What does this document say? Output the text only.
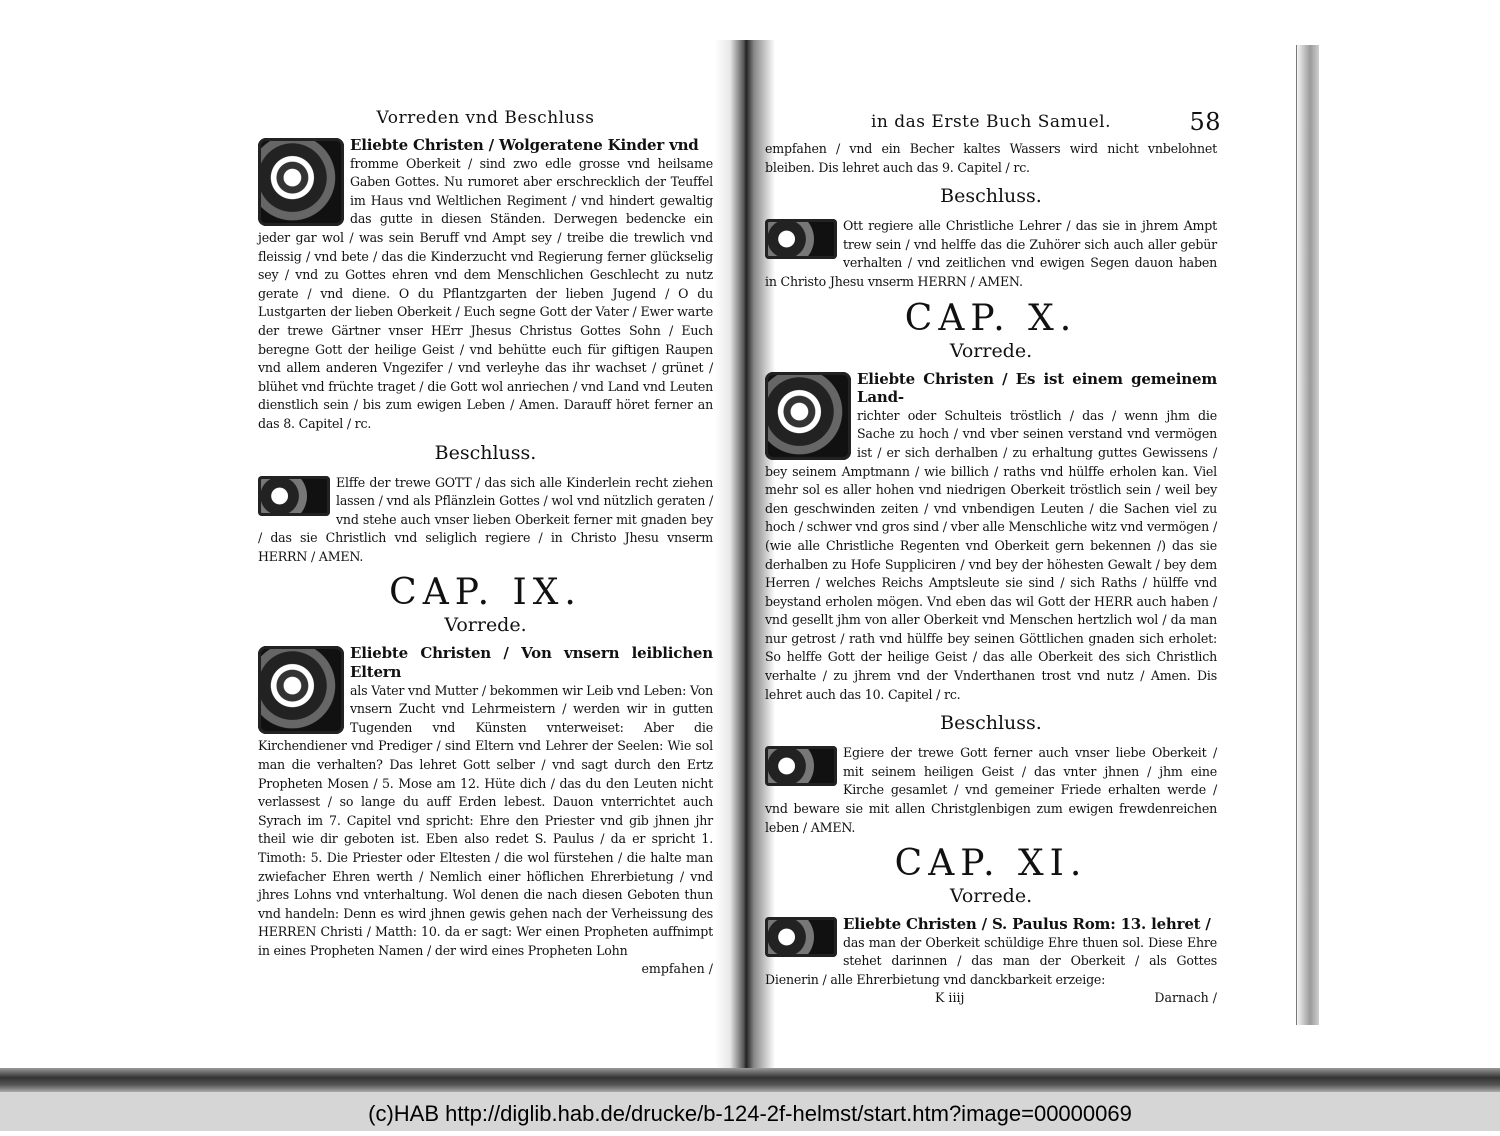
Vorreden vnd Beschluss

Eliebte Christen / Wolgeratene Kinder vnd

fromme Oberkeit / sind zwo edle grosse vnd heilsame Gaben Gottes. Nu rumoret aber erschrecklich der Teuffel im Haus vnd Weltlichen Regiment / vnd hindert gewaltig das gutte in diesen Ständen. Derwegen bedencke ein jeder gar wol / was sein Beruff vnd Ampt sey / treibe die trewlich vnd fleissig / vnd bete / das die Kinderzucht vnd Regierung ferner glückselig sey / vnd zu Gottes ehren vnd dem Menschlichen Geschlecht zu nutz gerate / vnd diene. O du Pflantzgarten der lieben Jugend / O du Lustgarten der lieben Oberkeit / Euch segne Gott der Vater / Ewer warte der trewe Gärtner vnser HErr Jhesus Christus Gottes Sohn / Euch beregne Gott der heilige Geist / vnd behütte euch für giftigen Raupen vnd allem anderen Vngezifer / vnd verleyhe das ihr wachset / grünet / blühet vnd früchte traget / die Gott wol anriechen / vnd Land vnd Leuten dienstlich sein / bis zum ewigen Leben / Amen. Darauff höret ferner an das 8. Capitel / rc.

Beschluss.

Elffe der trewe GOTT / das sich alle Kinderlein recht ziehen lassen / vnd als Pflänzlein Gottes / wol vnd nützlich geraten / vnd stehe auch vnser lieben Oberkeit ferner mit gnaden bey / das sie Christlich vnd seliglich regiere / in Christo Jhesu vnserm HERRN / AMEN.

CAP. IX.
Vorrede.

Eliebte Christen / Von vnsern leiblichen Eltern

als Vater vnd Mutter / bekommen wir Leib vnd Leben: Von vnsern Zucht vnd Lehrmeistern / werden wir in gutten Tugenden vnd Künsten vnterweiset: Aber die Kirchendiener vnd Prediger / sind Eltern vnd Lehrer der Seelen: Wie sol man die verhalten? Das lehret Gott selber / vnd sagt durch den Ertz Propheten Mosen / 5. Mose am 12. Hüte dich / das du den Leuten nicht verlassest / so lange du auff Erden lebest. Dauon vnterrichtet auch Syrach im 7. Capitel vnd spricht: Ehre den Priester vnd gib jhnen jhr theil wie dir geboten ist. Eben also redet S. Paulus / da er spricht 1. Timoth: 5. Die Priester oder Eltesten / die wol fürstehen / die halte man zwiefacher Ehren werth / Nemlich einer höflichen Ehrerbietung / vnd jhres Lohns vnd vnterhaltung. Wol denen die nach diesen Geboten thun vnd handeln: Denn es wird jhnen gewis gehen nach der Verheissung des HERREN Christi / Matth: 10. da er sagt: Wer einen Propheten auffnimpt in eines Propheten Namen / der wird eines Propheten Lohn

empfahen /
in das Erste Buch Samuel.	58

empfahen / vnd ein Becher kaltes Wassers wird nicht vnbelohnet bleiben. Dis lehret auch das 9. Capitel / rc.

Beschluss.

Ott regiere alle Christliche Lehrer / das sie in jhrem Ampt trew sein / vnd helffe das die Zuhörer sich auch aller gebür verhalten / vnd zeitlichen vnd ewigen Segen dauon haben in Christo Jhesu vnserm HERRN / AMEN.

CAP. X.
Vorrede.

Eliebte Christen / Es ist einem gemeinem Land-

richter oder Schulteis tröstlich / das / wenn jhm die Sache zu hoch / vnd vber seinen verstand vnd vermögen ist / er sich derhalben / zu erhaltung guttes Gewissens / bey seinem Amptmann / wie billich / raths vnd hülffe erholen kan. Viel mehr sol es aller hohen vnd niedrigen Oberkeit tröstlich sein / weil bey den geschwinden zeiten / vnd vnbendigen Leuten / die Sachen viel zu hoch / schwer vnd gros sind / vber alle Menschliche witz vnd vermögen / (wie alle Christliche Regenten vnd Oberkeit gern bekennen /) das sie derhalben zu Hofe Suppliciren / vnd bey der höhesten Gewalt / bey dem Herren / welches Reichs Amptsleute sie sind / sich Raths / hülffe vnd beystand erholen mögen. Vnd eben das wil Gott der HERR auch haben / vnd gesellt jhm von aller Oberkeit vnd Menschen hertzlich wol / da man nur getrost / rath vnd hülffe bey seinen Göttlichen gnaden sich erholet: So helffe Gott der heilige Geist / das alle Oberkeit des sich Christlich verhalte / zu jhrem vnd der Vnderthanen trost vnd nutz / Amen. Dis lehret auch das 10. Capitel / rc.

Beschluss.

Egiere der trewe Gott ferner auch vnser liebe Oberkeit / mit seinem heiligen Geist / das vnter jhnen / jhm eine Kirche gesamlet / vnd gemeiner Friede erhalten werde / vnd beware sie mit allen Christglenbigen zum ewigen frewdenreichen leben / AMEN.

CAP. XI.
Vorrede.

Eliebte Christen / S. Paulus Rom: 13. lehret /

das man der Oberkeit schüldige Ehre thuen sol. Diese Ehre stehet darinnen / das man der Oberkeit / als Gottes Dienerin / alle Ehrerbietung vnd danckbarkeit erzeige:

K iiij	Darnach /
(c)HAB http://diglib.hab.de/drucke/b-124-2f-helmst/start.htm?image=00000069
